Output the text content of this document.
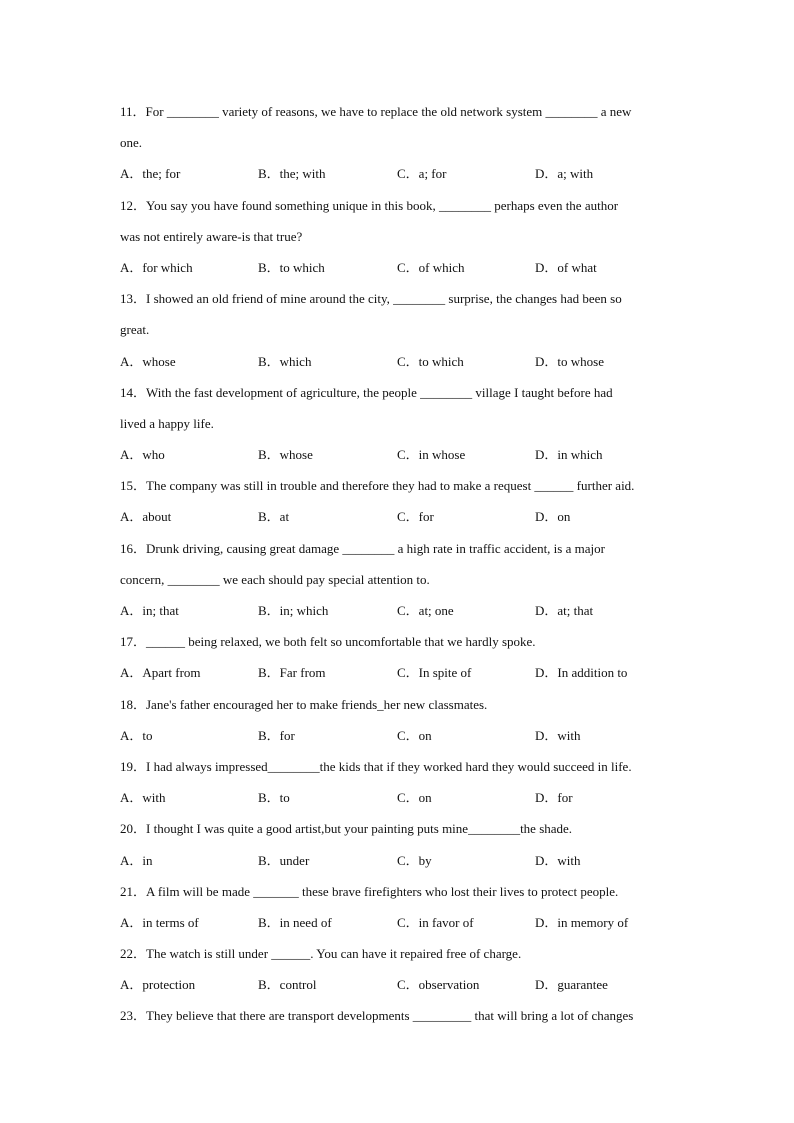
11．For ________ variety of reasons, we have to replace the old network system ________ a new
one.
A．the; for	B．the; with	C．a; for	D．a; with
12．You say you have found something unique in this book, ________ perhaps even the author
was not entirely aware-is that true?
A．for which	B．to which	C．of which	D．of what
13．I showed an old friend of mine around the city, ________ surprise, the changes had been so
great.
A．whose	B．which	C．to which	D．to whose
14．With the fast development of agriculture, the people ________ village I taught before had
lived a happy life.
A．who	B．whose	C．in whose	D．in which
15．The company was still in trouble and therefore they had to make a request ______ further aid.
A．about	B．at	C．for	D．on
16．Drunk driving, causing great damage ________ a high rate in traffic accident, is a major
concern, ________ we each should pay special attention to.
A．in; that	B．in; which	C．at; one	D．at; that
17．______ being relaxed, we both felt so uncomfortable that we hardly spoke.
A．Apart from	B．Far from	C．In spite of	D．In addition to
18．Jane's father encouraged her to make friends_her new classmates.
A．to	B．for	C．on	D．with
19．I had always impressed________the kids that if they worked hard they would succeed in life.
A．with	B．to	C．on	D．for
20．I thought I was quite a good artist,but your painting puts mine________the shade.
A．in	B．under	C．by	D．with
21．A film will be made _______ these brave firefighters who lost their lives to protect people.
A．in terms of	B．in need of	C．in favor of	D．in memory of
22．The watch is still under ______. You can have it repaired free of charge.
A．protection	B．control	C．observation	D．guarantee
23．They believe that there are transport developments _________ that will bring a lot of changes
